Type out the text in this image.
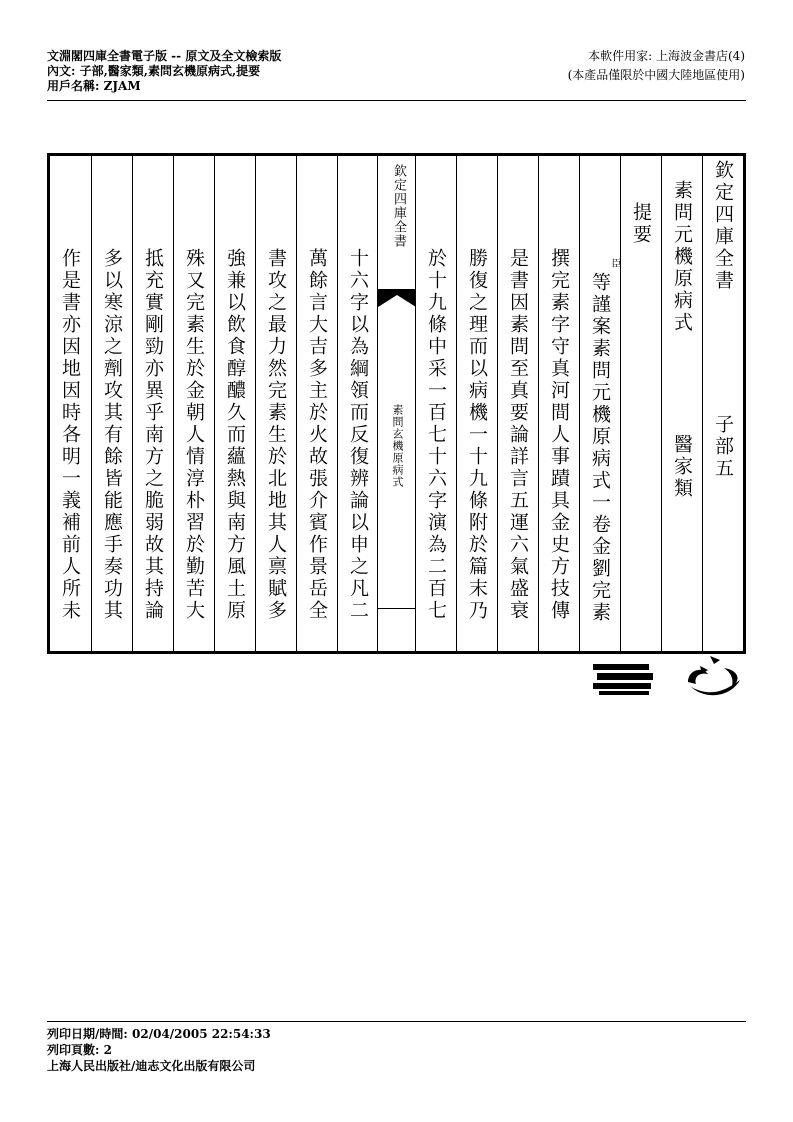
文淵閣四庫全書電子版 -- 原文及全文檢索版
內文: 子部,醫家類,素問玄機原病式,提要
用戶名稱: ZJAM
本軟件用家: 上海波金書店(4)
(本產品僅限於中國大陸地區使用)
欽定四庫全書
子部五
素問元機原病式
醫家類
提要
臣
等謹案素問元機原病式一卷金劉完素
撰完素字守真河間人事蹟具金史方技傳
是書因素問至真要論詳言五運六氣盛衰
勝復之理而以病機一十九條附於篇末乃
於十九條中采一百七十六字演為二百七
欽定四庫全書
素問玄機原病式
十六字以為綱領而反復辨論以申之凡二
萬餘言大吉多主於火故張介賓作景岳全
書攻之最力然完素生於北地其人禀賦多
強兼以飲食醇醲久而蘊熱與南方風土原
殊又完素生於金朝人情淳朴習於勤苦大
抵充實剛勁亦異乎南方之脆弱故其持論
多以寒涼之劑攻其有餘皆能應手奏功其
作是書亦因地因時各明一義補前人所未
列印日期/時間: 02/04/2005 22:54:33
列印頁數: 2
上海人民出版社/迪志文化出版有限公司
